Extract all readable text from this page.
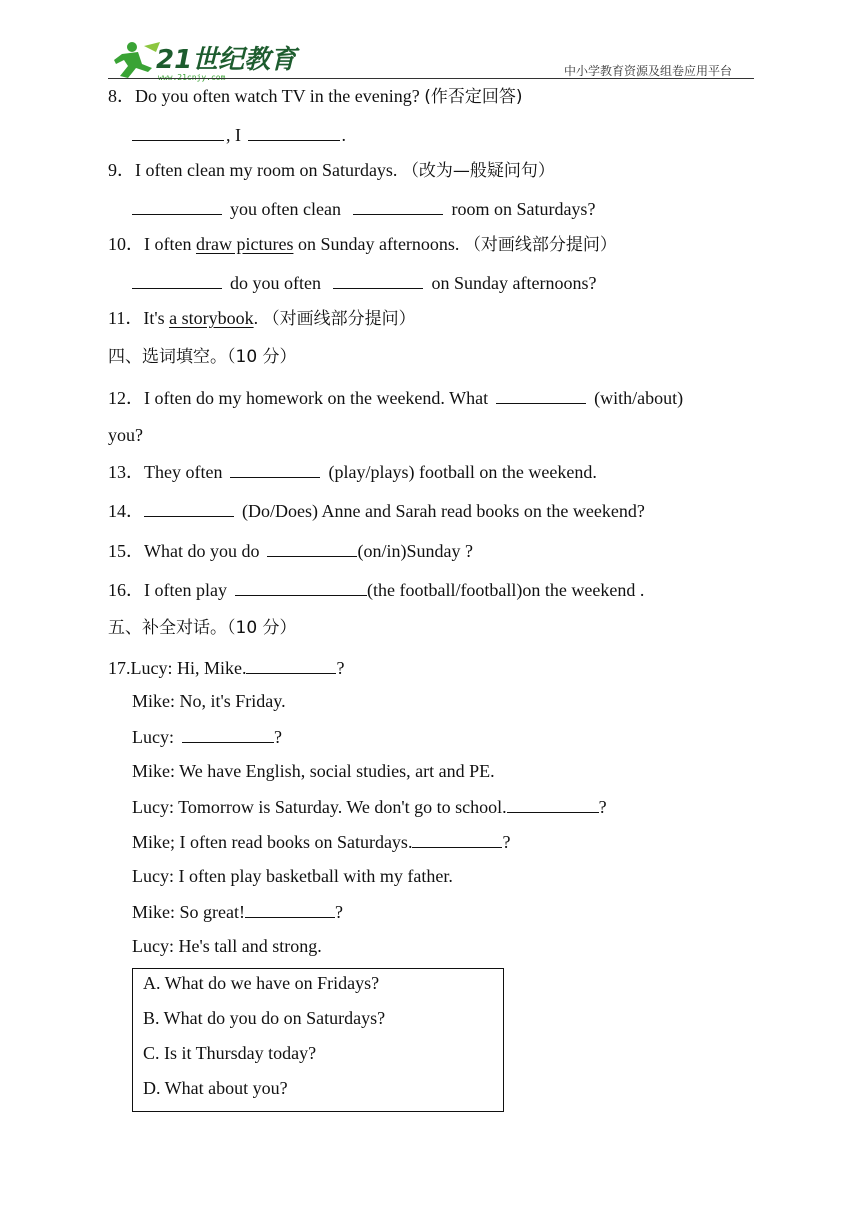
21世纪教育	中小学教育资源及组卷应用平台
8．Do you often watch TV in the evening? (作否定回答)
, I	.
9．I often clean my room on Saturdays. （改为—般疑问句）
you often clean	room on Saturdays?
10．I often draw pictures on Sunday afternoons. （对画线部分提问）
do you often	on Sunday afternoons?
11．It's a storybook. （对画线部分提问）
四、选词填空。（10 分）
12．I often do my homework on the weekend. What	(with/about)
you?
13．They often	(play/plays) football on the weekend.
14．	(Do/Does) Anne and Sarah read books on the weekend?
15．What do you do	(on/in)Sunday ?
16．I often play	(the football/football)on the weekend .
五、补全对话。（10 分）
17.Lucy: Hi, Mike.	?
Mike: No, it's Friday.
Lucy:	?
Mike: We have English, social studies, art and PE.
Lucy: Tomorrow is Saturday. We don't go to school.	?
Mike; I often read books on Saturdays.	?
Lucy: I often play basketball with my father.
Mike: So great!	?
Lucy: He's tall and strong.
A. What do we have on Fridays?
B. What do you do on Saturdays?
C. Is it Thursday today?
D. What about you?
